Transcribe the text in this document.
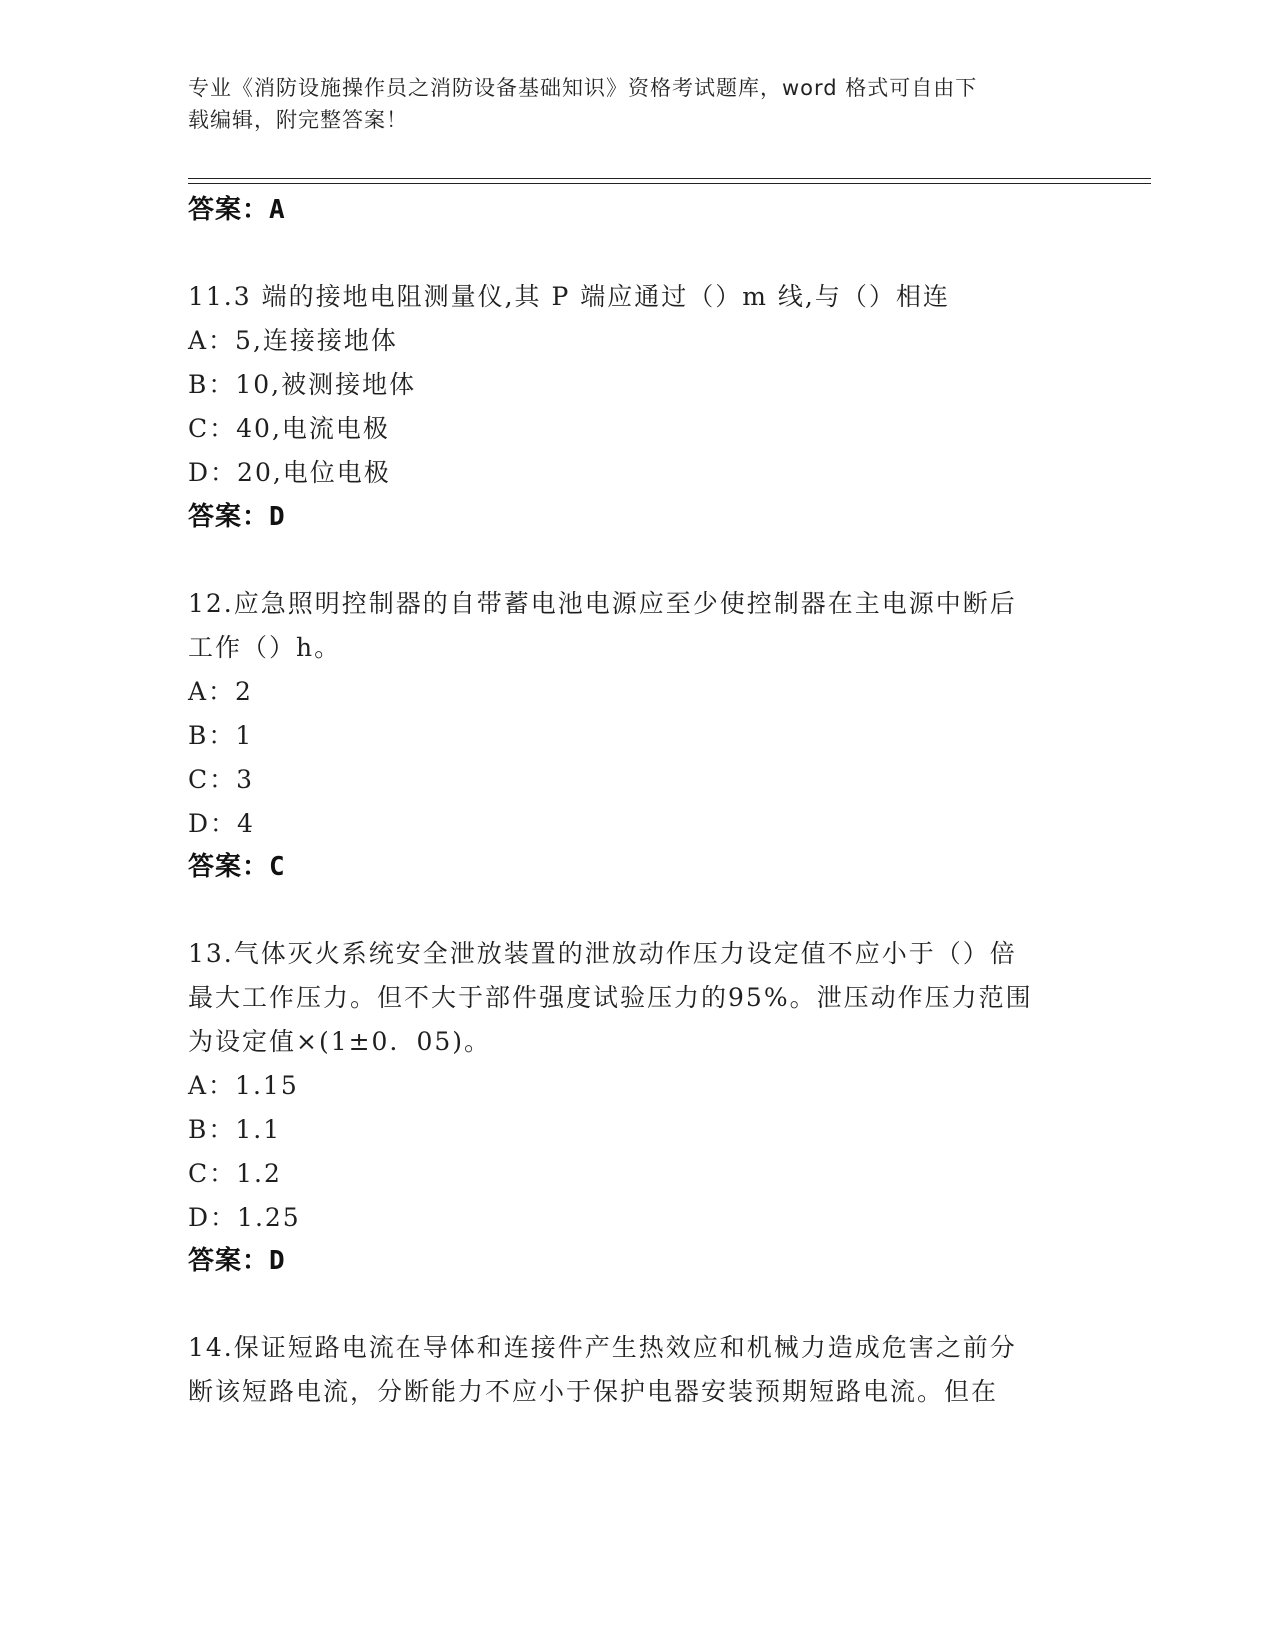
专业《消防设施操作员之消防设备基础知识》资格考试题库，word 格式可自由下
载编辑，附完整答案！
答案：A
11.3 端的接地电阻测量仪,其 P 端应通过（）m 线,与（）相连
A：5,连接接地体
B：10,被测接地体
C：40,电流电极
D：20,电位电极
答案：D
12.应急照明控制器的自带蓄电池电源应至少使控制器在主电源中断后
工作（）h。
A：2
B：1
C：3
D：4
答案：C
13.气体灭火系统安全泄放装置的泄放动作压力设定值不应小于（）倍
最大工作压力。但不大于部件强度试验压力的95%。泄压动作压力范围
为设定值×(1±0．05)。
A：1.15
B：1.1
C：1.2
D：1.25
答案：D
14.保证短路电流在导体和连接件产生热效应和机械力造成危害之前分
断该短路电流，分断能力不应小于保护电器安装预期短路电流。但在
